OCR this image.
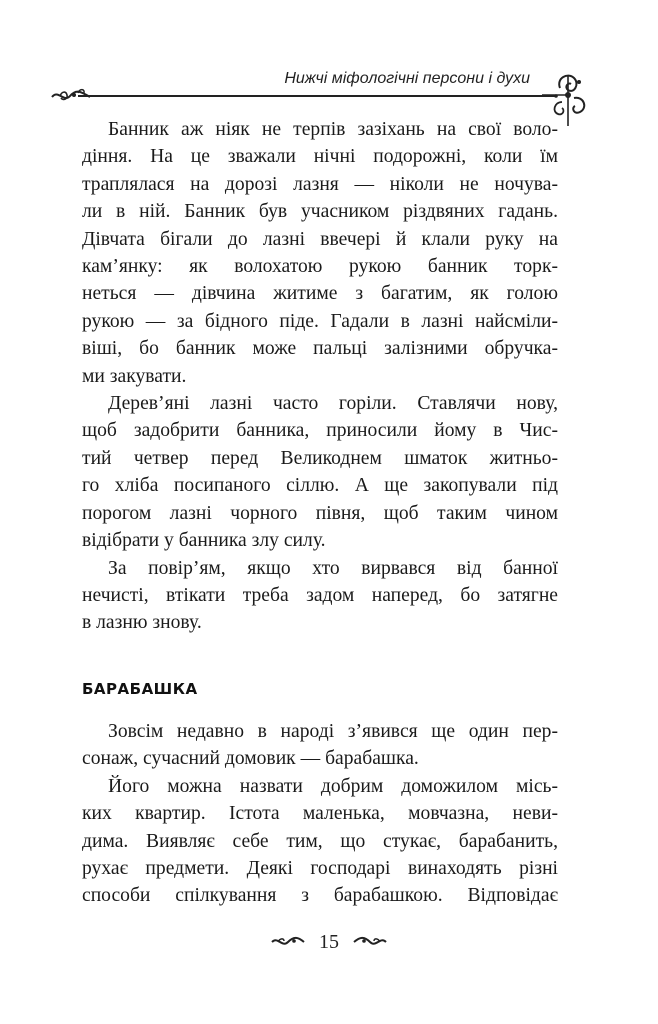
Нижчі міфологічні персони і духи
Банник аж ніяк не терпів зазіхань на свої воло-
діння. На це зважали нічні подорожні, коли їм
траплялася на дорозі лазня — ніколи не ночува-
ли в ній. Банник був учасником різдвяних гадань.
Дівчата бігали до лазні ввечері й клали руку на
кам’янку: як волохатою рукою банник торк-
неться — дівчина житиме з багатим, як голою
рукою — за бідного піде. Гадали в лазні найсміли-
віші, бо банник може пальці залізними обручка-
ми закувати.
Дерев’яні лазні часто горіли. Ставлячи нову,
щоб задобрити банника, приносили йому в Чис-
тий четвер перед Великоднем шматок житньо-
го хліба посипаного сіллю. А ще закопували під
порогом лазні чорного півня, щоб таким чином
відібрати у банника злу силу.
За повір’ям, якщо хто вирвався від банної
нечисті, втікати треба задом наперед, бо затягне
в лазню знову.
БАРАБАШКА
Зовсім недавно в народі з’явився ще один пер-
сонаж, сучасний домовик — барабашка.
Його можна назвати добрим доможилом місь-
ких квартир. Істота маленька, мовчазна, неви-
дима. Виявляє себе тим, що стукає, барабанить,
рухає предмети. Деякі господарі винаходять різні
способи спілкування з барабашкою. Відповідає
15
